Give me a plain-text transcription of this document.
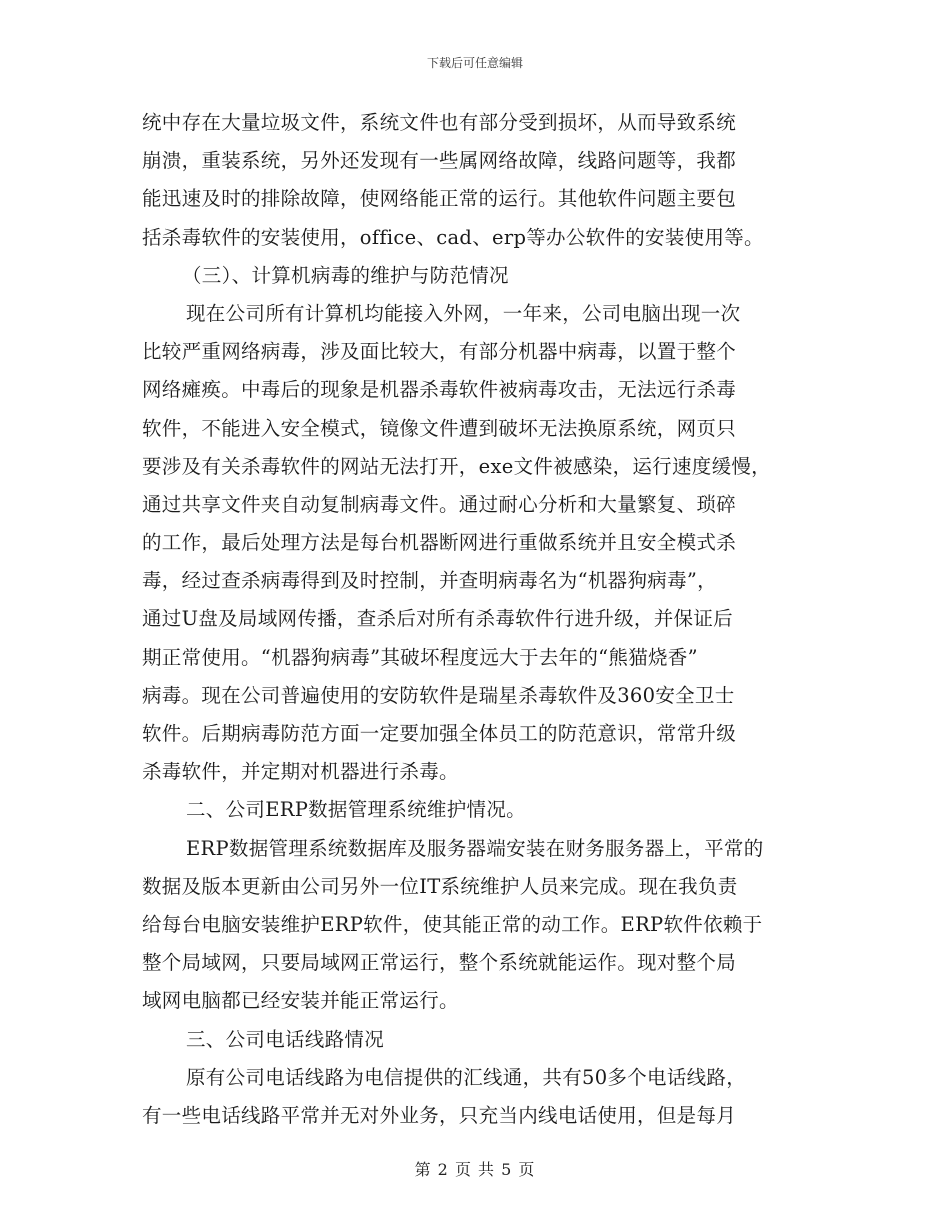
下载后可任意编辑
统中存在大量垃圾文件，系统文件也有部分受到损坏，从而导致系统
崩溃，重装系统，另外还发现有一些属网络故障，线路问题等，我都
能迅速及时的排除故障，使网络能正常的运行。其他软件问题主要包
括杀毒软件的安装使用，office、cad、erp等办公软件的安装使用等。
（三）、计算机病毒的维护与防范情况
现在公司所有计算机均能接入外网，一年来，公司电脑出现一次
比较严重网络病毒，涉及面比较大，有部分机器中病毒，以置于整个
网络瘫痪。中毒后的现象是机器杀毒软件被病毒攻击，无法远行杀毒
软件，不能进入安全模式，镜像文件遭到破坏无法换原系统，网页只
要涉及有关杀毒软件的网站无法打开，exe文件被感染，运行速度缓慢，
通过共享文件夹自动复制病毒文件。通过耐心分析和大量繁复、琐碎
的工作，最后处理方法是每台机器断网进行重做系统并且安全模式杀
毒，经过查杀病毒得到及时控制，并查明病毒名为“机器狗病毒”，
通过U盘及局域网传播，查杀后对所有杀毒软件行进升级，并保证后
期正常使用。“机器狗病毒”其破坏程度远大于去年的“熊猫烧香”
病毒。现在公司普遍使用的安防软件是瑞星杀毒软件及360安全卫士
软件。后期病毒防范方面一定要加强全体员工的防范意识，常常升级
杀毒软件，并定期对机器进行杀毒。
二、公司ERP数据管理系统维护情况。
ERP数据管理系统数据库及服务器端安装在财务服务器上，平常的
数据及版本更新由公司另外一位IT系统维护人员来完成。现在我负责
给每台电脑安装维护ERP软件，使其能正常的动工作。ERP软件依赖于
整个局域网，只要局域网正常运行，整个系统就能运作。现对整个局
域网电脑都已经安装并能正常运行。
三、公司电话线路情况
原有公司电话线路为电信提供的汇线通，共有50多个电话线路，
有一些电话线路平常并无对外业务，只充当内线电话使用，但是每月
第 2 页 共 5 页
